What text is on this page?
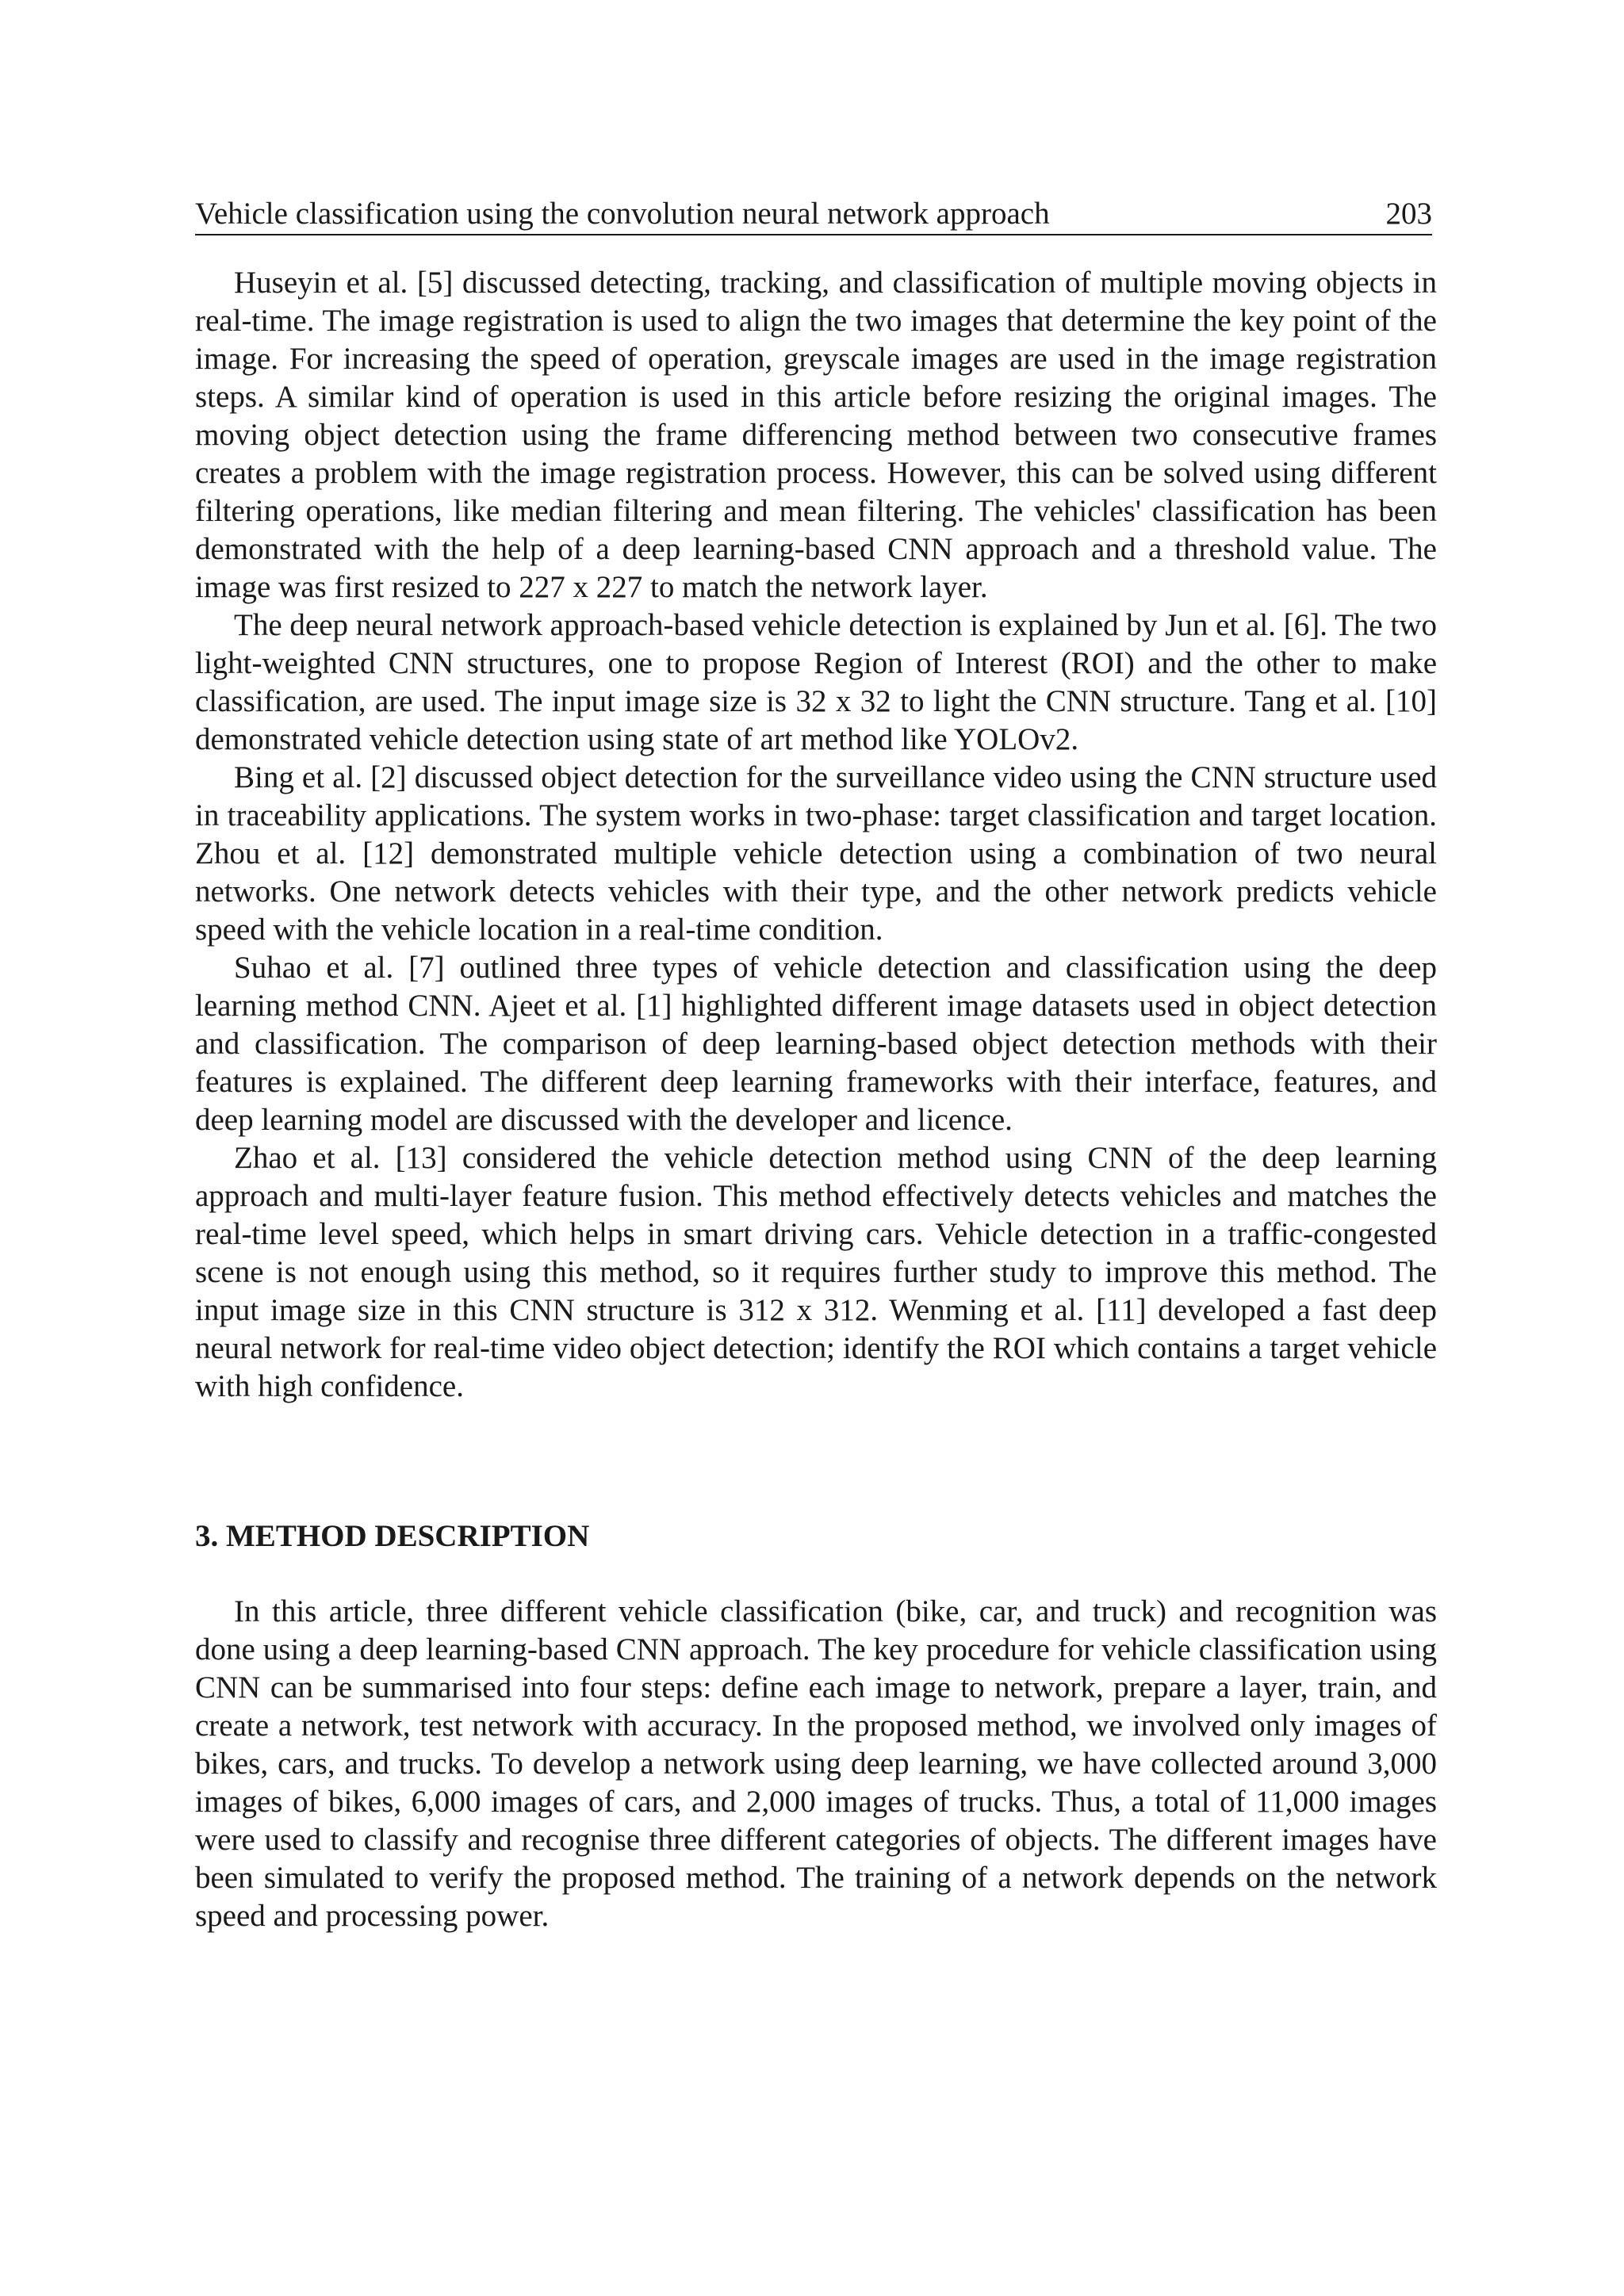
Vehicle classification using the convolution neural network approach	203

Huseyin et al. [5] discussed detecting, tracking, and classification of multiple moving objects in real-time. The image registration is used to align the two images that determine the key point of the image. For increasing the speed of operation, greyscale images are used in the image registration steps. A similar kind of operation is used in this article before resizing the original images. The moving object detection using the frame differencing method between two consecutive frames creates a problem with the image registration process. However, this can be solved using different filtering operations, like median filtering and mean filtering. The vehicles' classification has been demonstrated with the help of a deep learning-based CNN approach and a threshold value. The image was first resized to 227 x 227 to match the network layer.

The deep neural network approach-based vehicle detection is explained by Jun et al. [6]. The two light-weighted CNN structures, one to propose Region of Interest (ROI) and the other to make classification, are used. The input image size is 32 x 32 to light the CNN structure. Tang et al. [10] demonstrated vehicle detection using state of art method like YOLOv2.

Bing et al. [2] discussed object detection for the surveillance video using the CNN structure used in traceability applications. The system works in two-phase: target classification and target location. Zhou et al. [12] demonstrated multiple vehicle detection using a combination of two neural networks. One network detects vehicles with their type, and the other network predicts vehicle speed with the vehicle location in a real-time condition.

Suhao et al. [7] outlined three types of vehicle detection and classification using the deep learning method CNN. Ajeet et al. [1] highlighted different image datasets used in object detection and classification. The comparison of deep learning-based object detection methods with their features is explained. The different deep learning frameworks with their interface, features, and deep learning model are discussed with the developer and licence.

Zhao et al. [13] considered the vehicle detection method using CNN of the deep learning approach and multi-layer feature fusion. This method effectively detects vehicles and matches the real-time level speed, which helps in smart driving cars. Vehicle detection in a traffic-congested scene is not enough using this method, so it requires further study to improve this method. The input image size in this CNN structure is 312 x 312. Wenming et al. [11] developed a fast deep neural network for real-time video object detection; identify the ROI which contains a target vehicle with high confidence.

3. METHOD DESCRIPTION

In this article, three different vehicle classification (bike, car, and truck) and recognition was done using a deep learning-based CNN approach. The key procedure for vehicle classification using CNN can be summarised into four steps: define each image to network, prepare a layer, train, and create a network, test network with accuracy. In the proposed method, we involved only images of bikes, cars, and trucks. To develop a network using deep learning, we have collected around 3,000 images of bikes, 6,000 images of cars, and 2,000 images of trucks. Thus, a total of 11,000 images were used to classify and recognise three different categories of objects. The different images have been simulated to verify the proposed method. The training of a network depends on the network speed and processing power.
